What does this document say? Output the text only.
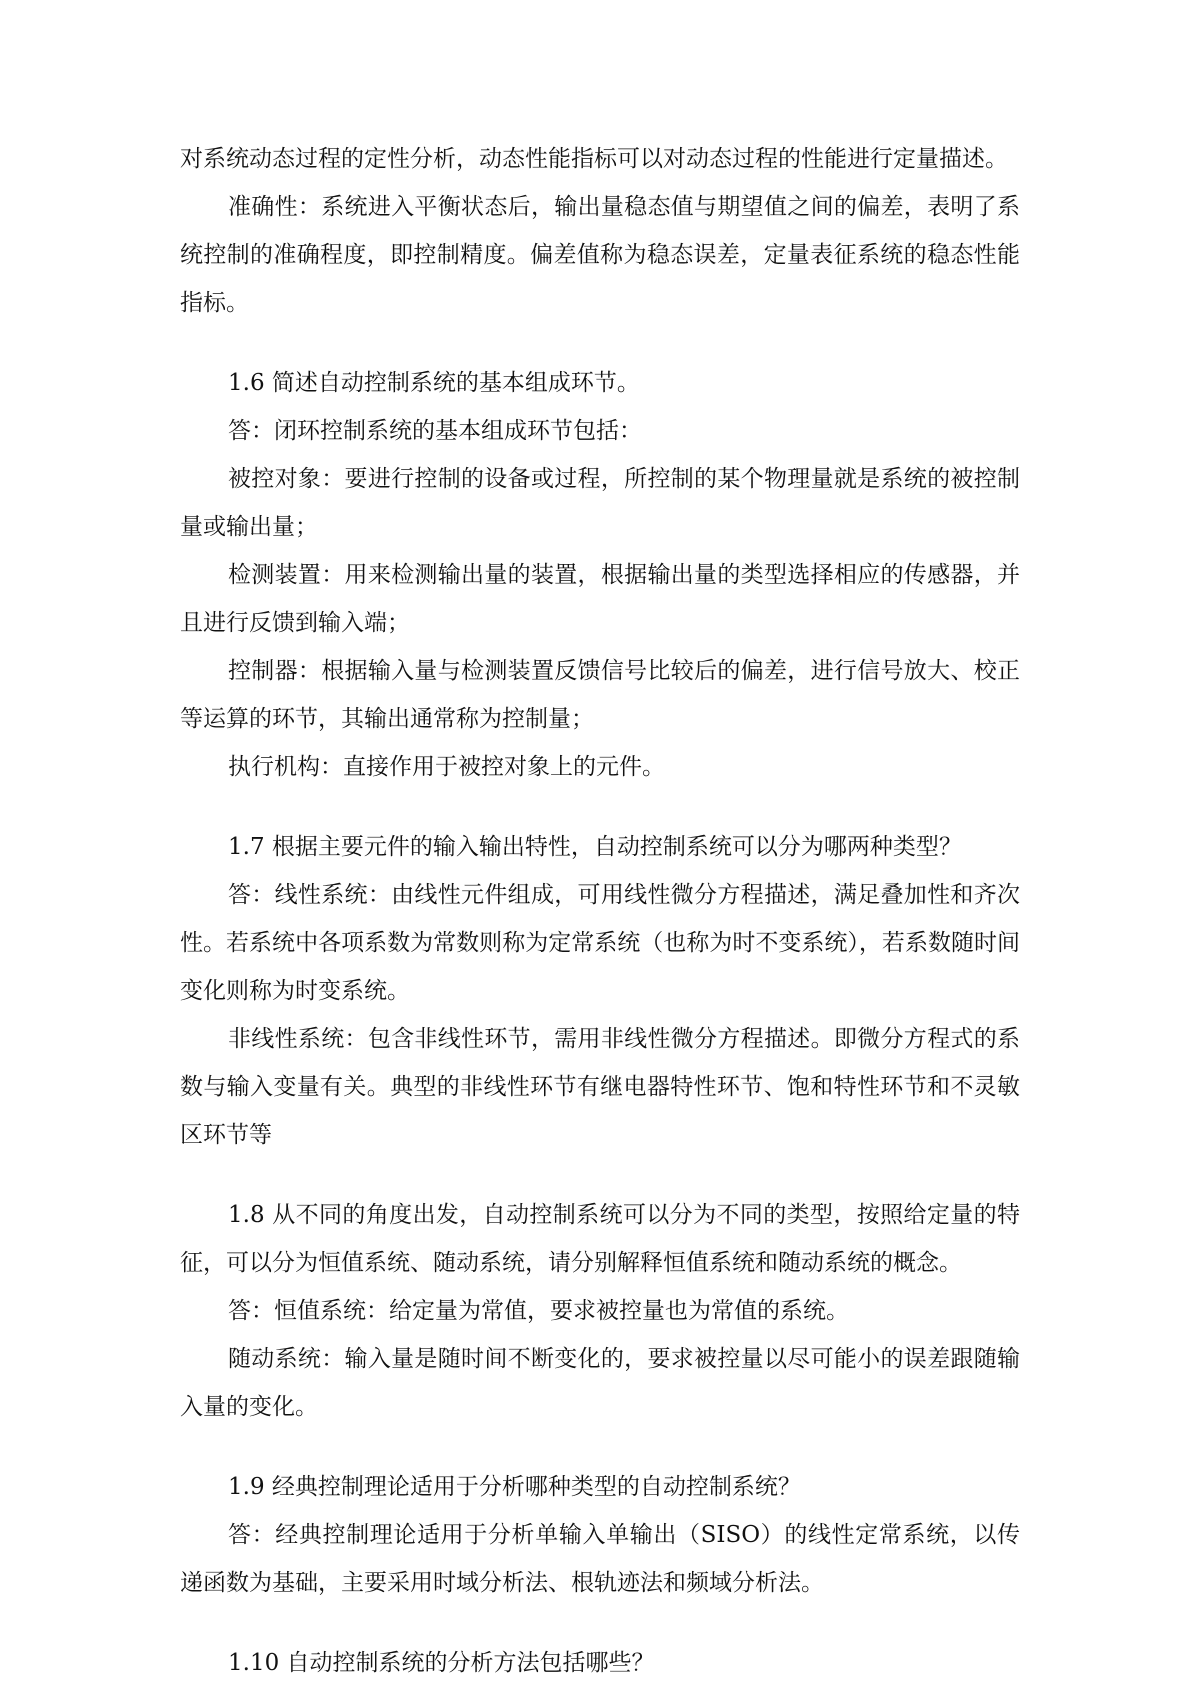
对系统动态过程的定性分析，动态性能指标可以对动态过程的性能进行定量描述。

准确性：系统进入平衡状态后，输出量稳态值与期望值之间的偏差，表明了系统控制的准确程度，即控制精度。偏差值称为稳态误差，定量表征系统的稳态性能指标。

1.6 简述自动控制系统的基本组成环节。

答：闭环控制系统的基本组成环节包括：

被控对象：要进行控制的设备或过程，所控制的某个物理量就是系统的被控制量或输出量；

检测装置：用来检测输出量的装置，根据输出量的类型选择相应的传感器，并且进行反馈到输入端；

控制器：根据输入量与检测装置反馈信号比较后的偏差，进行信号放大、校正等运算的环节，其输出通常称为控制量；

执行机构：直接作用于被控对象上的元件。

1.7 根据主要元件的输入输出特性，自动控制系统可以分为哪两种类型？

答：线性系统：由线性元件组成，可用线性微分方程描述，满足叠加性和齐次性。若系统中各项系数为常数则称为定常系统（也称为时不变系统），若系数随时间变化则称为时变系统。

非线性系统：包含非线性环节，需用非线性微分方程描述。即微分方程式的系数与输入变量有关。典型的非线性环节有继电器特性环节、饱和特性环节和不灵敏区环节等

1.8 从不同的角度出发，自动控制系统可以分为不同的类型，按照给定量的特征，可以分为恒值系统、随动系统，请分别解释恒值系统和随动系统的概念。

答：恒值系统：给定量为常值，要求被控量也为常值的系统。

随动系统：输入量是随时间不断变化的，要求被控量以尽可能小的误差跟随输入量的变化。

1.9 经典控制理论适用于分析哪种类型的自动控制系统？

答：经典控制理论适用于分析单输入单输出（SISO）的线性定常系统，以传递函数为基础，主要采用时域分析法、根轨迹法和频域分析法。

1.10 自动控制系统的分析方法包括哪些？
